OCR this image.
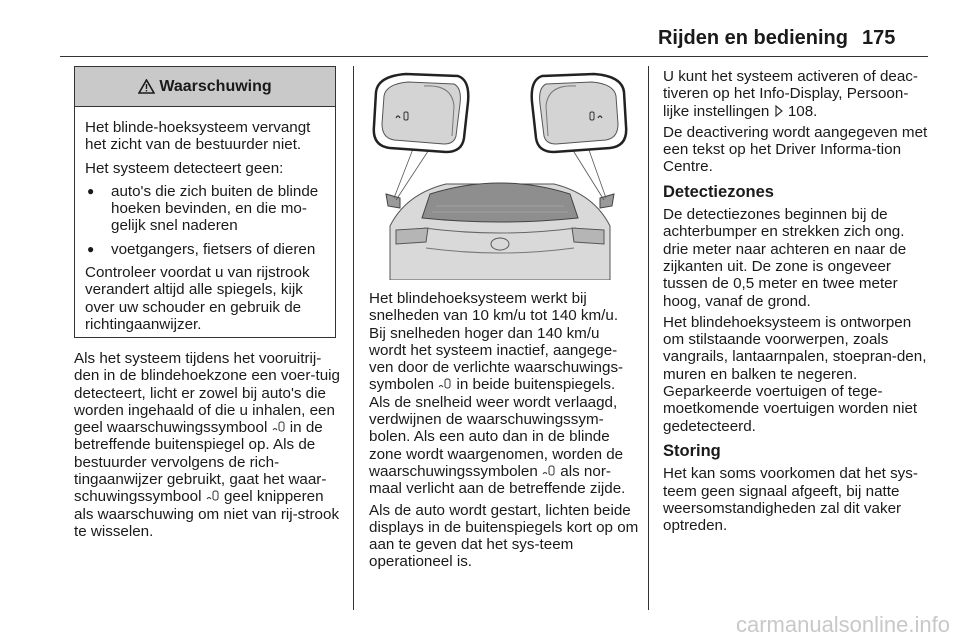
Rijden en bediening 175
Waarschuwing

Het blinde-hoeksysteem vervangt het zicht van de bestuurder niet.

Het systeem detecteert geen:

●	auto's die zich buiten de blinde hoeken bevinden, en die mo-gelijk snel naderen
●	voetgangers, fietsers of dieren

Controleer voordat u van rijstrook verandert altijd alle spiegels, kijk over uw schouder en gebruik de richtingaanwijzer.

Als het systeem tijdens het vooruitrij-den in de blindehoekzone een voer-tuig detecteert, licht er zowel bij auto's die worden ingehaald of die u inhalen, een geel waarschuwingssymbool in de betreffende buitenspiegel op. Als de bestuurder vervolgens de rich-tingaanwijzer gebruikt, gaat het waar-schuwingssymbool geel knipperen als waarschuwing om niet van rij-strook te wisselen.

Het blindehoeksysteem werkt bij snelheden van 10 km/u tot 140 km/u. Bij snelheden hoger dan 140 km/u wordt het systeem inactief, aangege-ven door de verlichte waarschuwings-symbolen in beide buitenspiegels. Als de snelheid weer wordt verlaagd, verdwijnen de waarschuwingssym-bolen. Als een auto dan in de blinde zone wordt waargenomen, worden de waarschuwingssymbolen als nor-maal verlicht aan de betreffende zijde.

Als de auto wordt gestart, lichten beide displays in de buitenspiegels kort op om aan te geven dat het sys-teem operationeel is.

U kunt het systeem activeren of deac-tiveren op het Info-Display, Persoon-lijke instellingen 108.

De deactivering wordt aangegeven met een tekst op het Driver Informa-tion Centre.

Detectiezones

De detectiezones beginnen bij de achterbumper en strekken zich ong. drie meter naar achteren en naar de zijkanten uit. De zone is ongeveer tussen de 0,5 meter en twee meter hoog, vanaf de grond.

Het blindehoeksysteem is ontworpen om stilstaande voorwerpen, zoals vangrails, lantaarnpalen, stoepran-den, muren en balken te negeren. Geparkeerde voertuigen of tege-moetkomende voertuigen worden niet gedetecteerd.

Storing

Het kan soms voorkomen dat het sys-teem geen signaal afgeeft, bij natte weersomstandigheden zal dit vaker optreden.

carmanualsonline.info
